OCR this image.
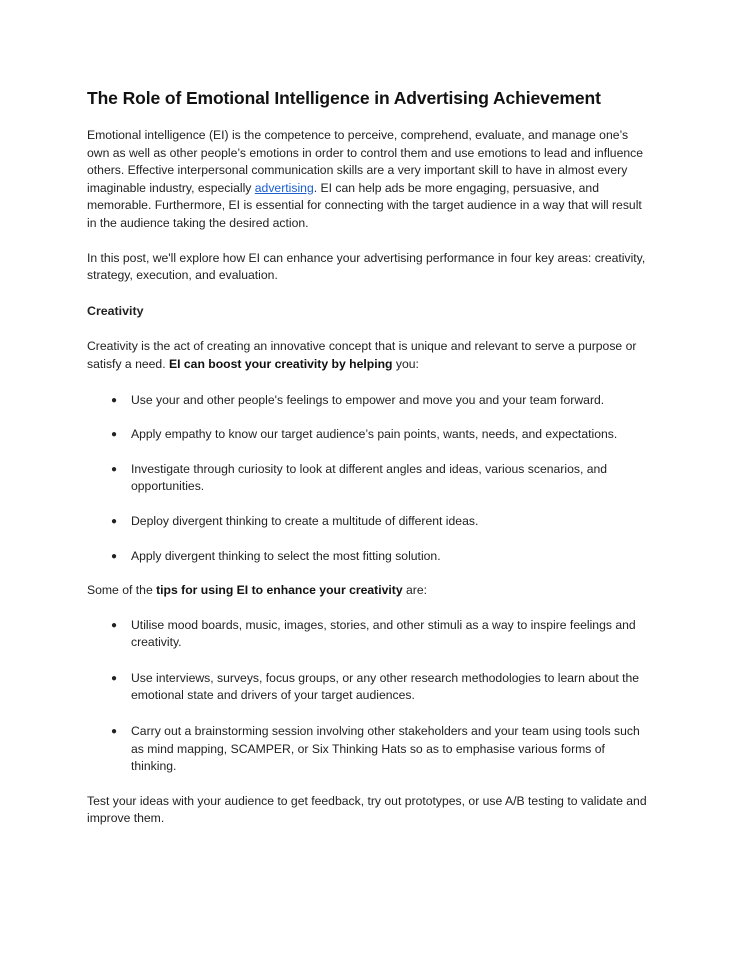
The Role of Emotional Intelligence in Advertising Achievement

Emotional intelligence (EI) is the competence to perceive, comprehend, evaluate, and manage one’s own as well as other people’s emotions in order to control them and use emotions to lead and influence others. Effective interpersonal communication skills are a very important skill to have in almost every imaginable industry, especially advertising. EI can help ads be more engaging, persuasive, and memorable. Furthermore, EI is essential for connecting with the target audience in a way that will result in the audience taking the desired action.

In this post, we'll explore how EI can enhance your advertising performance in four key areas: creativity, strategy, execution, and evaluation.

Creativity

Creativity is the act of creating an innovative concept that is unique and relevant to serve a purpose or satisfy a need. EI can boost your creativity by helping you:

● Use your and other people's feelings to empower and move you and your team forward.
● Apply empathy to know our target audience’s pain points, wants, needs, and expectations.
● Investigate through curiosity to look at different angles and ideas, various scenarios, and opportunities.
● Deploy divergent thinking to create a multitude of different ideas.
● Apply divergent thinking to select the most fitting solution.

Some of the tips for using EI to enhance your creativity are:

● Utilise mood boards, music, images, stories, and other stimuli as a way to inspire feelings and creativity.
● Use interviews, surveys, focus groups, or any other research methodologies to learn about the emotional state and drivers of your target audiences.
● Carry out a brainstorming session involving other stakeholders and your team using tools such as mind mapping, SCAMPER, or Six Thinking Hats so as to emphasise various forms of thinking.

Test your ideas with your audience to get feedback, try out prototypes, or use A/B testing to validate and improve them.
